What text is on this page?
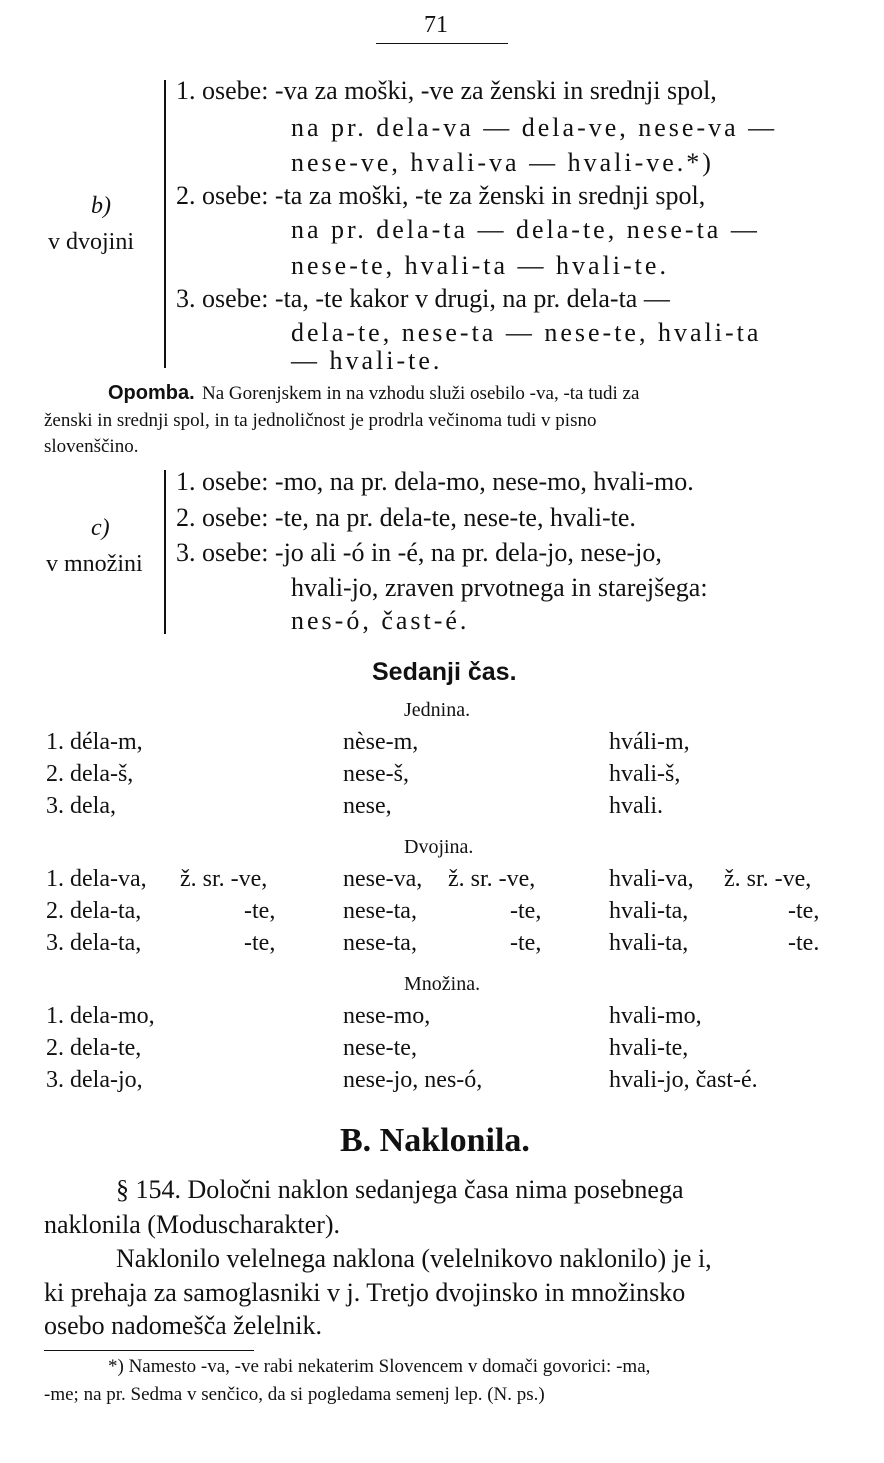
71
b)
v dvojini
1. osebe: -va za moški, -ve za ženski in srednji spol,
na pr. dela-va — dela-ve, nese-va —
nese-ve, hvali-va — hvali-ve.*)
2. osebe: -ta za moški, -te za ženski in srednji spol,
na pr. dela-ta — dela-te, nese-ta —
nese-te, hvali-ta — hvali-te.
3. osebe: -ta, -te kakor v drugi, na pr. dela-ta —
dela-te, nese-ta — nese-te, hvali-ta
— hvali-te.
Opomba. Na Gorenjskem in na vzhodu služi osebilo -va, -ta tudi za
ženski in srednji spol, in ta jednoličnost je prodrla večinoma tudi v pisno
slovenščino.
c)
v množini
1. osebe: -mo, na pr. dela-mo, nese-mo, hvali-mo.
2. osebe: -te, na pr. dela-te, nese-te, hvali-te.
3. osebe: -jo ali -ó in -é, na pr. dela-jo, nese-jo,
hvali-jo, zraven prvotnega in starejšega:
nes-ó, čast-é.
Sedanji čas.
Jednina.
1. déla-m,	nèse-m,	hváli-m,
2. dela-š,	nese-š,	hvali-š,
3. dela,	nese,	hvali.
Dvojina.
1. dela-va, ž. sr. -ve,	nese-va, ž. sr. -ve,	hvali-va, ž. sr. -ve,
2. dela-ta,	-te,	nese-ta,	-te,	hvali-ta,	-te,
3. dela-ta,	-te,	nese-ta,	-te,	hvali-ta,	-te.
Množina.
1. dela-mo,	nese-mo,	hvali-mo,
2. dela-te,	nese-te,	hvali-te,
3. dela-jo,	nese-jo, nes-ó,	hvali-jo, čast-é.
B. Naklonila.
§ 154. Določni naklon sedanjega časa nima posebnega
naklonila (Moduscharakter).
Naklonilo velelnega naklona (velelnikovo naklonilo) je i,
ki prehaja za samoglasniki v j. Tretjo dvojinsko in množinsko
osebo nadomešča želelnik.
*) Namesto -va, -ve rabi nekaterim Slovencem v domači govorici: -ma,
-me; na pr. Sedma v senčico, da si pogledama semenj lep. (N. ps.)
